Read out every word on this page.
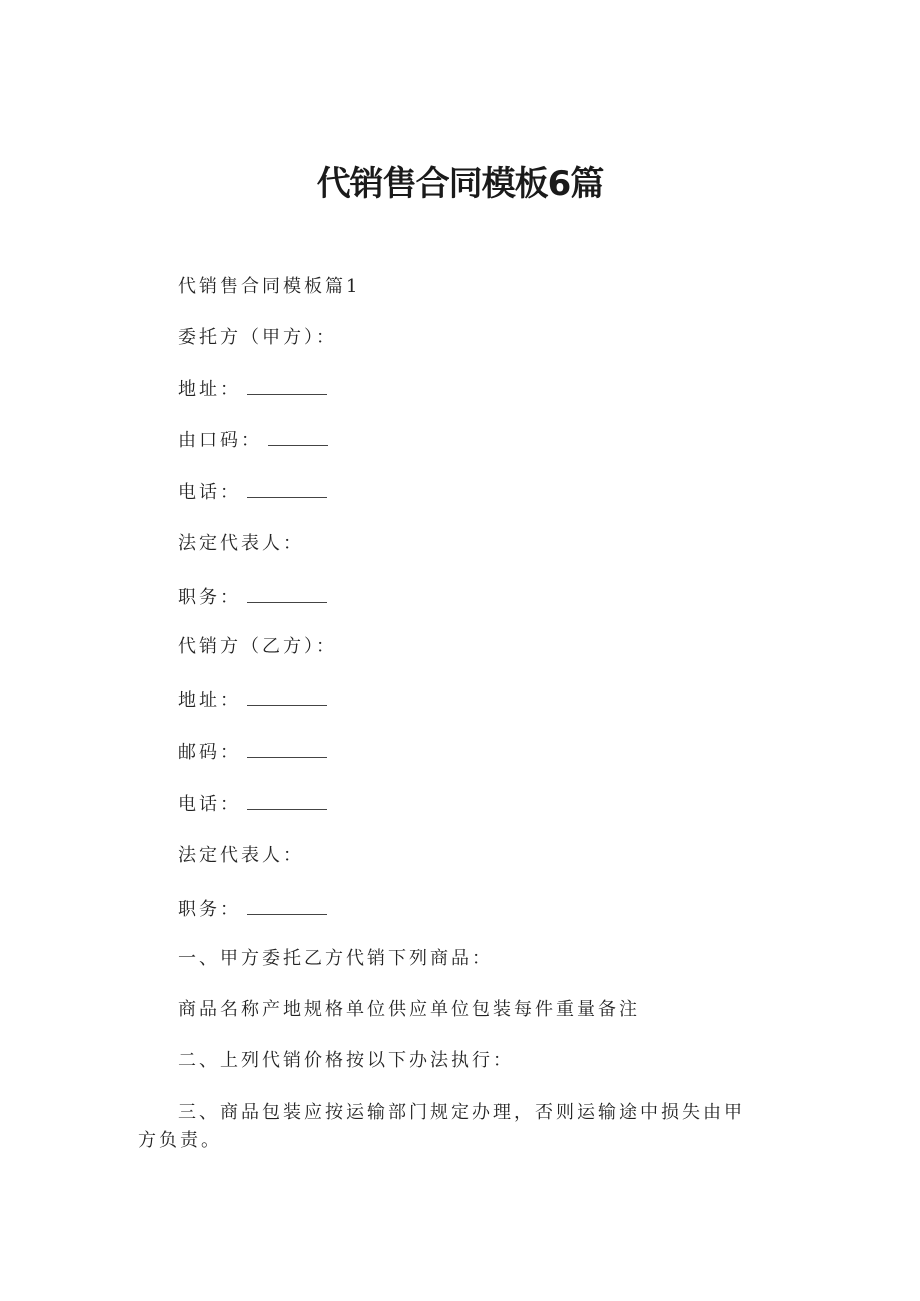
代销售合同模板6篇
代销售合同模板篇1
委托方（甲方）：
地址：
由口码：
电话：
法定代表人：
职务：
代销方（乙方）：
地址：
邮码：
电话：
法定代表人：
职务：
一、甲方委托乙方代销下列商品：
商品名称产地规格单位供应单位包装每件重量备注
二、上列代销价格按以下办法执行：
三、商品包装应按运输部门规定办理，否则运输途中损失由甲方负责。
